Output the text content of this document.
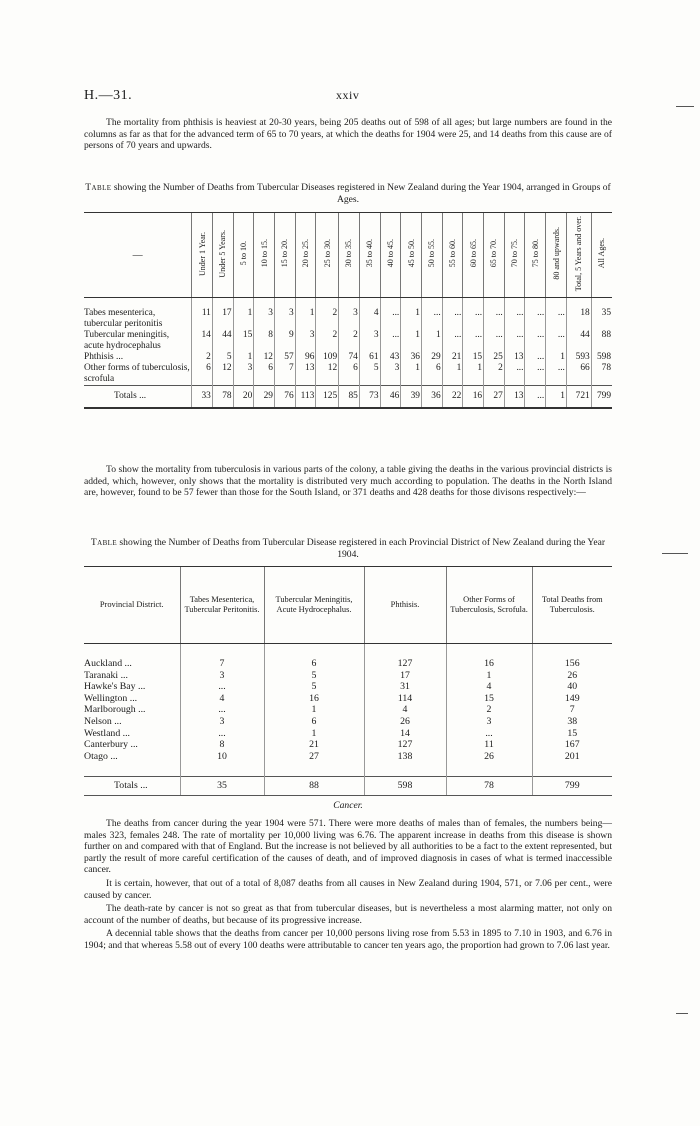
H.—31.	xxiv

The mortality from phthisis is heaviest at 20-30 years, being 205 deaths out of 598 of all ages; but large numbers are found in the columns as far as that for the advanced term of 65 to 70 years, at which the deaths for 1904 were 25, and 14 deaths from this cause are of persons of 70 years and upwards.

Table showing the Number of Deaths from Tubercular Diseases registered in New Zealand during the Year 1904, arranged in Groups of Ages.
—	Under 1 Year.	Under 5 Years.	5 to 10.	10 to 15.	15 to 20.	20 to 25.	25 to 30.	30 to 35.	35 to 40.	40 to 45.	45 to 50.	50 to 55.	55 to 60.	60 to 65.	65 to 70.	70 to 75.	75 to 80.	80 and upwards.	Total, 5 Years and over.	All Ages.

Tabes mesenterica, tubercular peritonitis	11	17	1	3	3	1	2	3	4	...	1	...	...	...	...	...	...	...	18	35
Tubercular meningitis, acute hydrocephalus	14	44	15	8	9	3	2	2	3	...	1	1	...	...	...	...	...	...	44	88
Phthisis ...	2	5	1	12	57	96	109	74	61	43	36	29	21	15	25	13	...	1	593	598
Other forms of tuberculosis, scrofula	6	12	3	6	7	13	12	6	5	3	1	6	1	1	2	...	...	...	66	78
Totals ...	33	78	20	29	76	113	125	85	73	46	39	36	22	16	27	13	...	1	721	799

To show the mortality from tuberculosis in various parts of the colony, a table giving the deaths in the various provincial districts is added, which, however, only shows that the mortality is distributed very much according to population. The deaths in the North Island are, however, found to be 57 fewer than those for the South Island, or 371 deaths and 428 deaths for those divisons respectively:—

Table showing the Number of Deaths from Tubercular Disease registered in each Provincial District of New Zealand during the Year 1904.
Provincial District.	Tabes Mesenterica, Tubercular Peritonitis.	Tubercular Meningitis, Acute Hydrocephalus.	Phthisis.	Other Forms of Tuberculosis, Scrofula.	Total Deaths from Tuberculosis.

Auckland ...	7	6	127	16	156
Taranaki ...	3	5	17	1	26
Hawke's Bay ...	...	5	31	4	40
Wellington ...	4	16	114	15	149
Marlborough ...	...	1	4	2	7
Nelson ...	3	6	26	3	38
Westland ...	...	1	14	...	15
Canterbury ...	8	21	127	11	167
Otago ...	10	27	138	26	201

Totals ...	35	88	598	78	799
Cancer.

The deaths from cancer during the year 1904 were 571. There were more deaths of males than of females, the numbers being—males 323, females 248. The rate of mortality per 10,000 living was 6.76. The apparent increase in deaths from this disease is shown further on and compared with that of England. But the increase is not believed by all authorities to be a fact to the extent represented, but partly the result of more careful certification of the causes of death, and of improved diagnosis in cases of what is termed inaccessible cancer.

It is certain, however, that out of a total of 8,087 deaths from all causes in New Zealand during 1904, 571, or 7.06 per cent., were caused by cancer.

The death-rate by cancer is not so great as that from tubercular diseases, but is nevertheless a most alarming matter, not only on account of the number of deaths, but because of its progressive increase.

A decennial table shows that the deaths from cancer per 10,000 persons living rose from 5.53 in 1895 to 7.10 in 1903, and 6.76 in 1904; and that whereas 5.58 out of every 100 deaths were attributable to cancer ten years ago, the proportion had grown to 7.06 last year.
